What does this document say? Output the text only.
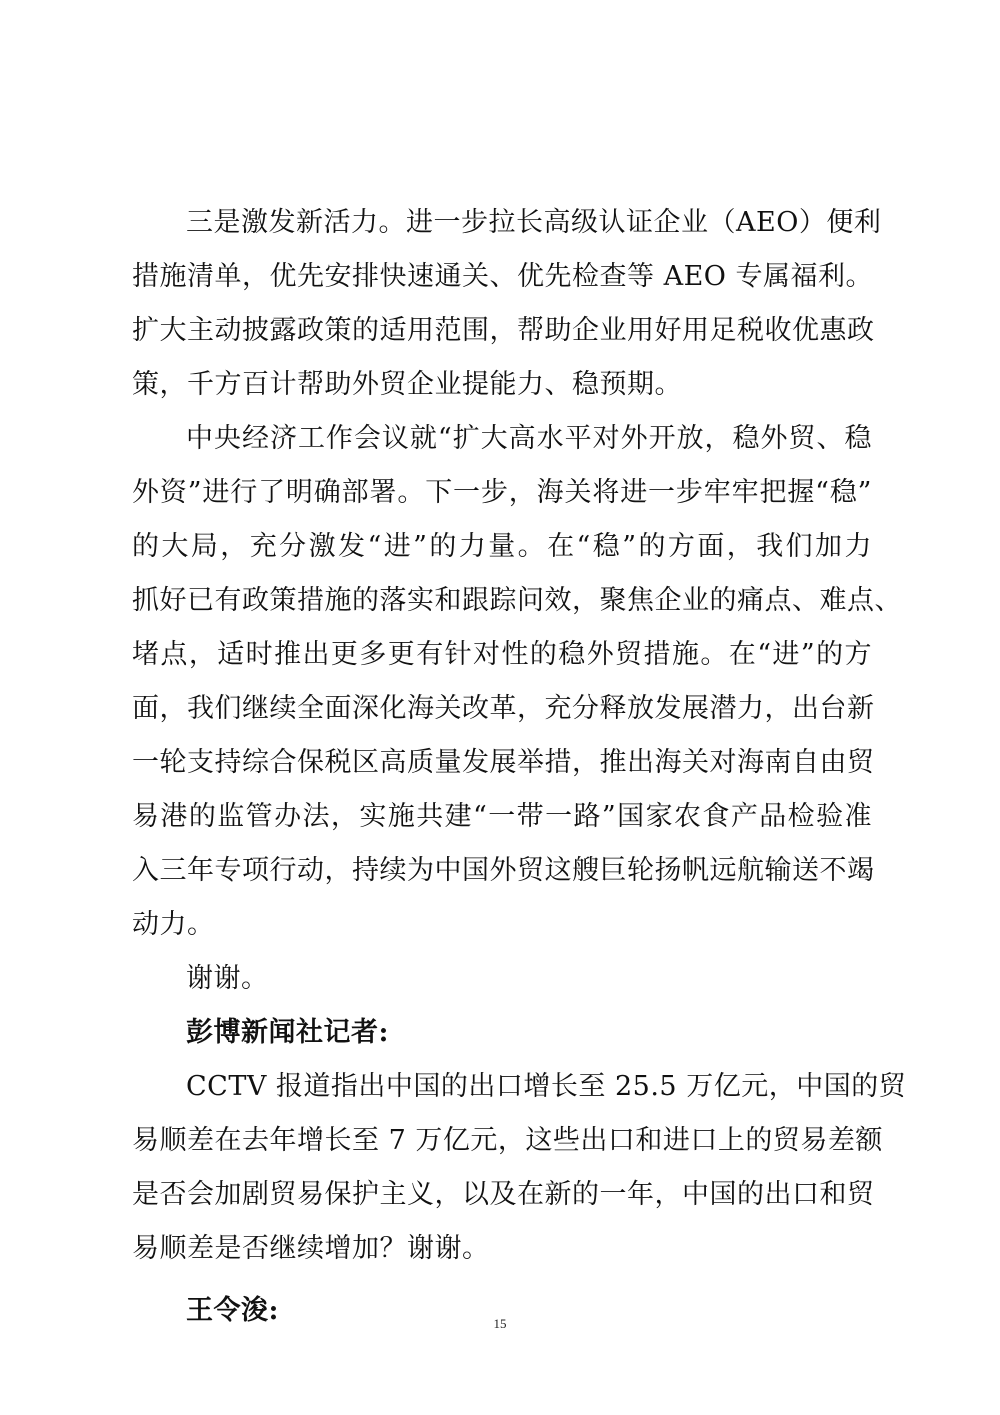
三是激发新活力。进一步拉长高级认证企业（AEO）便利
措施清单，优先安排快速通关、优先检查等 AEO 专属福利。
扩大主动披露政策的适用范围，帮助企业用好用足税收优惠政
策，千方百计帮助外贸企业提能力、稳预期。
中央经济工作会议就“扩大高水平对外开放，稳外贸、稳
外资”进行了明确部署。下一步，海关将进一步牢牢把握“稳”
的大局，充分激发“进”的力量。在“稳”的方面，我们加力
抓好已有政策措施的落实和跟踪问效，聚焦企业的痛点、难点、
堵点，适时推出更多更有针对性的稳外贸措施。在“进”的方
面，我们继续全面深化海关改革，充分释放发展潜力，出台新
一轮支持综合保税区高质量发展举措，推出海关对海南自由贸
易港的监管办法，实施共建“一带一路”国家农食产品检验准
入三年专项行动，持续为中国外贸这艘巨轮扬帆远航输送不竭
动力。
谢谢。
彭博新闻社记者:
CCTV 报道指出中国的出口增长至 25.5 万亿元，中国的贸
易顺差在去年增长至 7 万亿元，这些出口和进口上的贸易差额
是否会加剧贸易保护主义，以及在新的一年，中国的出口和贸
易顺差是否继续增加？谢谢。
王令浚:	15
